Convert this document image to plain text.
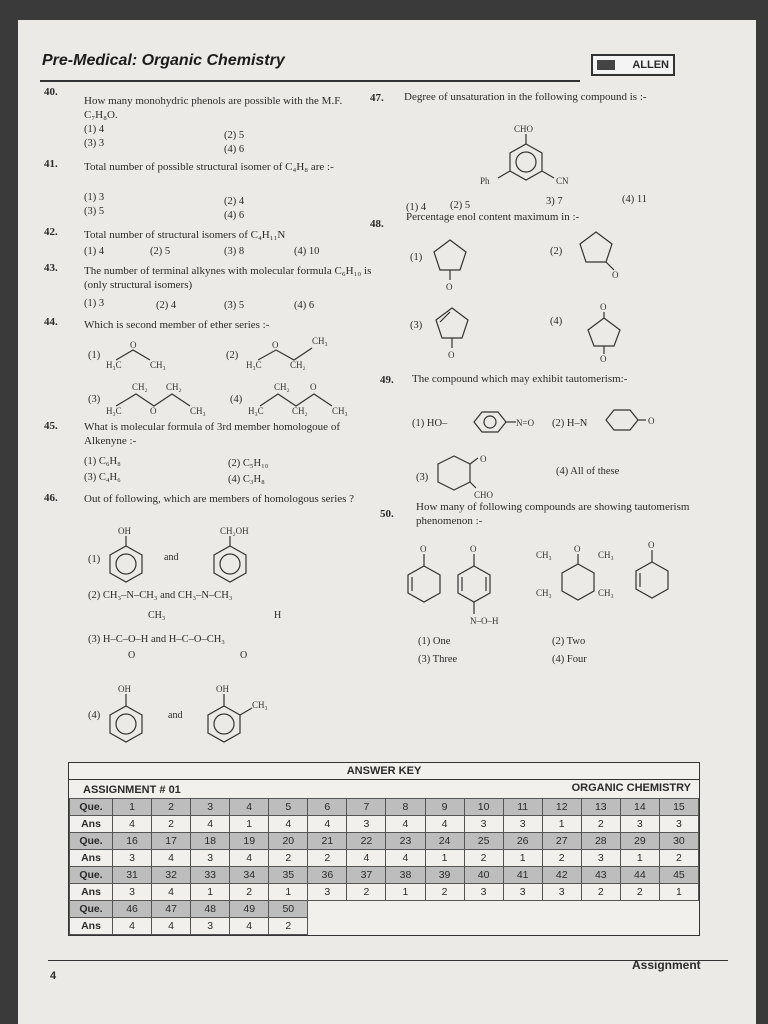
Pre-Medical: Organic Chemistry	ALLEN
40.
How many monohydric phenols are possible with the M.F. C₇H₈O.
(1) 4
(2) 5
(3) 3
(4) 6
41. Total number of possible structural isomer of C₄H₈ are :-
(1) 3	(2) 4
(3) 5	(4) 6
42. Total number of structural isomers of C₄H₁₁N
(1) 4	(2) 5	(3) 8	(4) 10
43. The number of terminal alkynes with molecular formula C₆H₁₀ is (only structural isomers)
(1) 3	(2) 4	(3) 5	(4) 6
44. Which is second member of ether series :-
(1)
O
H₃C	CH₃
(2)
O
H₃C	CH₂
CH₃
(3)
H₃C
CH₂
O
CH₂
CH₃
(4)
H₃C
CH₂
CH₂
O
CH₃
45. What is molecular formula of 3rd member homologoue of Alkenyne :-
(1) C₆H₈	(2) C₅H₁₀
(3) C₄H₆	(4) C₃H₈
46. Out of following, which are members of homologous series ?
(1)
OH
and
CH₂OH
(2) CH₃–N–CH₃ and CH₃–N–CH₃
CH₃	H
(3) H–C–O–H and H–C–O–CH₃
O	O
(4)
OH
and
OH
CH₃
47. Degree of unsaturation in the following compound is :-
CHO
Ph	CN
(1) 4 (2) 5	3) 7	(4) 11
48.
Percentage enol content maximum in :-
(1)
O
(2)
O
(3)
O
(4)
O
O
49. The compound which may exhibit tautomerism:-
(1) HO–	N=O (2) H–N	O
(3)
O
CHO
(4) All of these
50.
How many of following compounds are showing tautomerism phenomenon :-
O	O
N–O–H
O
CH₃	CH₃
CH₃	CH₃
O
(1) One	(2) Two
(3) Three	(4) Four
ANSWER KEY
ASSIGNMENT # 01	ORGANIC CHEMISTRY
Que.	1	2	3	4	5	6	7	8	9	10	11	12	13	14	15
Ans	4	2	4	1	4	4	3	4	4	3	3	1	2	3	3
Que.	16	17	18	19	20	21	22	23	24	25	26	27	28	29	30
Ans	3	4	3	4	2	2	4	4	1	2	1	2	3	1	2
Que.	31	32	33	34	35	36	37	38	39	40	41	42	43	44	45
Ans	3	4	1	2	1	3	2	1	2	3	3	3	2	2	1
Que.	46	47	48	49	50										
Ans	4	4	3	4	2										
4
Assignment
